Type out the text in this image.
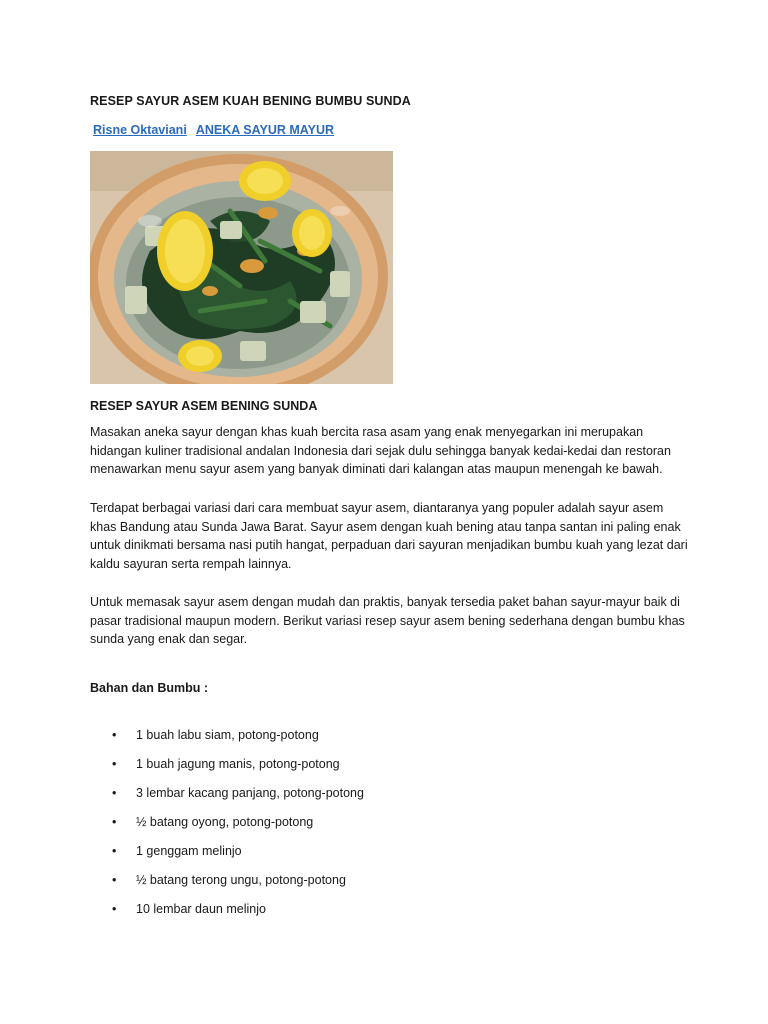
RESEP SAYUR ASEM KUAH BENING BUMBU SUNDA
Risne Oktaviani ANEKA SAYUR MAYUR
RESEP SAYUR ASEM BENING SUNDA

Masakan aneka sayur dengan khas kuah bercita rasa asam yang enak menyegarkan ini merupakan hidangan kuliner tradisional andalan Indonesia dari sejak dulu sehingga banyak kedai-kedai dan restoran menawarkan menu sayur asem yang banyak diminati dari kalangan atas maupun menengah ke bawah.

Terdapat berbagai variasi dari cara membuat sayur asem, diantaranya yang populer adalah sayur asem khas Bandung atau Sunda Jawa Barat. Sayur asem dengan kuah bening atau tanpa santan ini paling enak untuk dinikmati bersama nasi putih hangat, perpaduan dari sayuran menjadikan bumbu kuah yang lezat dari kaldu sayuran serta rempah lainnya.

Untuk memasak sayur asem dengan mudah dan praktis, banyak tersedia paket bahan sayur-mayur baik di pasar tradisional maupun modern. Berikut variasi resep sayur asem bening sederhana dengan bumbu khas sunda yang enak dan segar.

Bahan dan Bumbu :
• 1 buah labu siam, potong-potong
• 1 buah jagung manis, potong-potong
• 3 lembar kacang panjang, potong-potong
• ½ batang oyong, potong-potong
• 1 genggam melinjo
• ½ batang terong ungu, potong-potong
• 10 lembar daun melinjo
